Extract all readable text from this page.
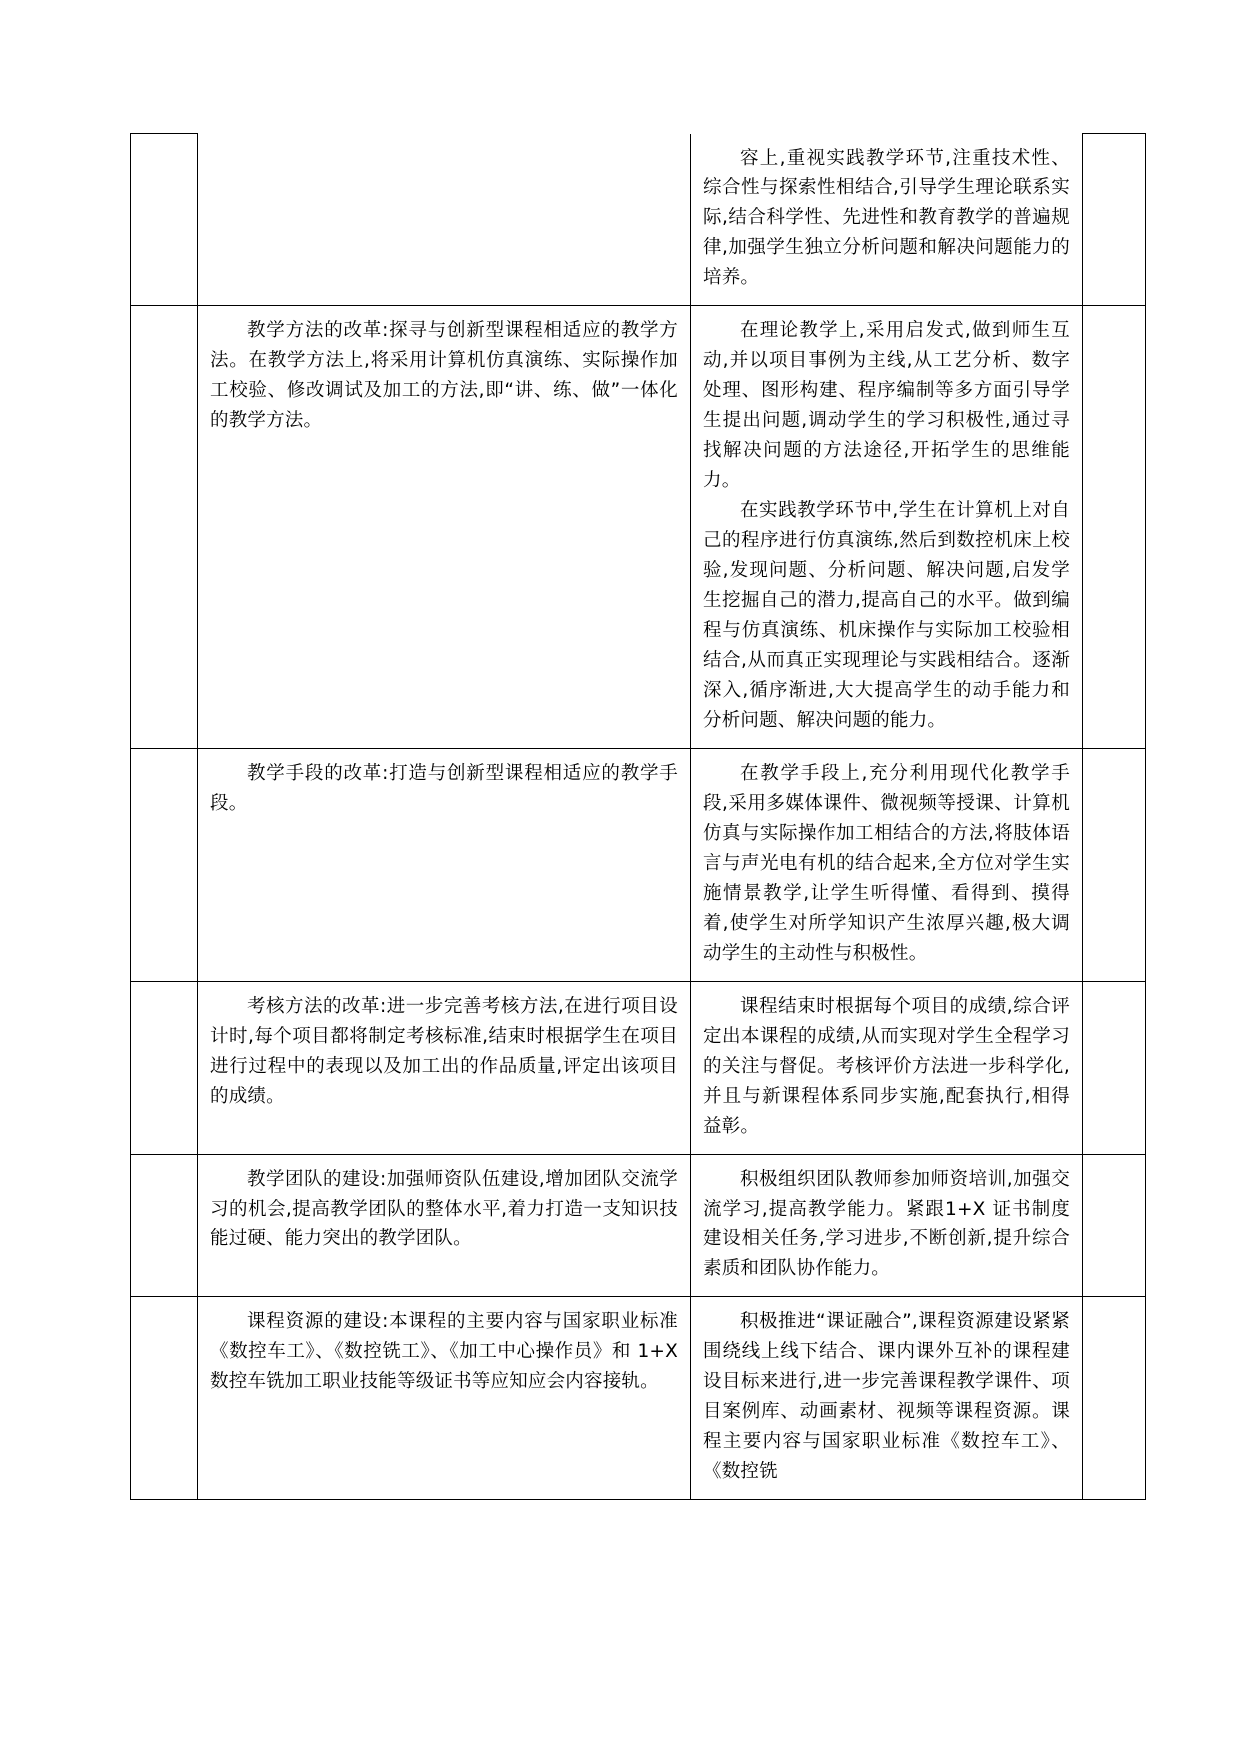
		容上,重视实践教学环节,注重技术性、综合性与探索性相结合,引导学生理论联系实际,结合科学性、先进性和教育教学的普遍规律,加强学生独立分析问题和解决问题能力的培养。	

	教学方法的改革:探寻与创新型课程相适应的教学方法。在教学方法上,将采用计算机仿真演练、实际操作加工校验、修改调试及加工的方法,即“讲、练、做”一体化的教学方法。	在理论教学上,采用启发式,做到师生互动,并以项目事例为主线,从工艺分析、数字处理、图形构建、程序编制等多方面引导学生提出问题,调动学生的学习积极性,通过寻找解决问题的方法途径,开拓学生的思维能力。

在实践教学环节中,学生在计算机上对自己的程序进行仿真演练,然后到数控机床上校验,发现问题、分析问题、解决问题,启发学生挖掘自己的潜力,提高自己的水平。做到编程与仿真演练、机床操作与实际加工校验相结合,从而真正实现理论与实践相结合。逐渐深入,循序渐进,大大提高学生的动手能力和分析问题、解决问题的能力。	

	教学手段的改革:打造与创新型课程相适应的教学手段。	在教学手段上,充分利用现代化教学手段,采用多媒体课件、微视频等授课、计算机仿真与实际操作加工相结合的方法,将肢体语言与声光电有机的结合起来,全方位对学生实施情景教学,让学生听得懂、看得到、摸得着,使学生对所学知识产生浓厚兴趣,极大调动学生的主动性与积极性。	

	考核方法的改革:进一步完善考核方法,在进行项目设计时,每个项目都将制定考核标准,结束时根据学生在项目进行过程中的表现以及加工出的作品质量,评定出该项目的成绩。	课程结束时根据每个项目的成绩,综合评定出本课程的成绩,从而实现对学生全程学习的关注与督促。考核评价方法进一步科学化,并且与新课程体系同步实施,配套执行,相得益彰。	

	教学团队的建设:加强师资队伍建设,增加团队交流学习的机会,提高教学团队的整体水平,着力打造一支知识技能过硬、能力突出的教学团队。	积极组织团队教师参加师资培训,加强交流学习,提高教学能力。紧跟1+X 证书制度建设相关任务,学习进步,不断创新,提升综合素质和团队协作能力。	

	课程资源的建设:本课程的主要内容与国家职业标准《数控车工》、《数控铣工》、《加工中心操作员》和 1+X 数控车铣加工职业技能等级证书等应知应会内容接轨。	积极推进“课证融合”,课程资源建设紧紧围绕线上线下结合、课内课外互补的课程建设目标来进行,进一步完善课程教学课件、项目案例库、动画素材、视频等课程资源。课程主要内容与国家职业标准《数控车工》、《数控铣	
